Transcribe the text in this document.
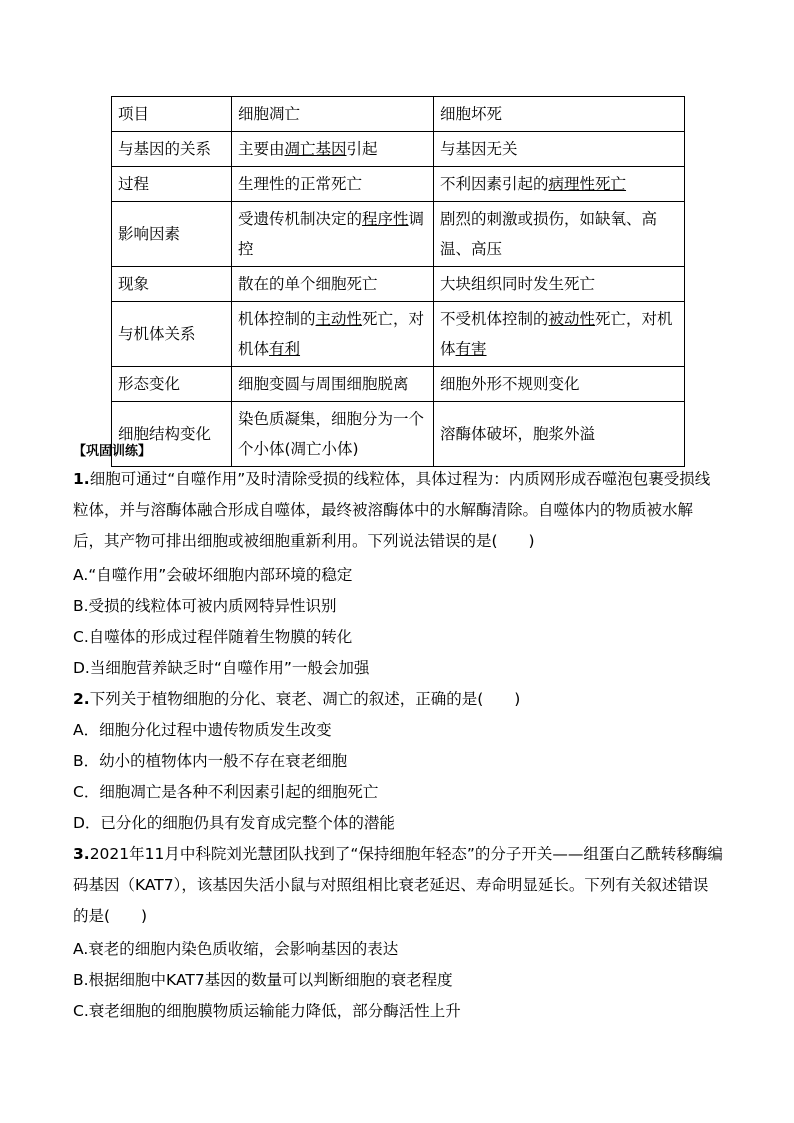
项目	细胞凋亡	细胞坏死
与基因的关系	主要由凋亡基因引起	与基因无关
过程	生理性的正常死亡	不利因素引起的病理性死亡
影响因素	受遗传机制决定的程序性调控	剧烈的刺激或损伤，如缺氧、高温、高压
现象	散在的单个细胞死亡	大块组织同时发生死亡
与机体关系	机体控制的主动性死亡，对机体有利	不受机体控制的被动性死亡，对机体有害
形态变化	细胞变圆与周围细胞脱离	细胞外形不规则变化
细胞结构变化	染色质凝集，细胞分为一个个小体(凋亡小体)	溶酶体破坏，胞浆外溢
【巩固训练】
1.细胞可通过“自噬作用”及时清除受损的线粒体，具体过程为：内质网形成吞噬泡包裹受损线粒体，并与溶酶体融合形成自噬体，最终被溶酶体中的水解酶清除。自噬体内的物质被水解后，其产物可排出细胞或被细胞重新利用。下列说法错误的是(　　)
A.“自噬作用”会破坏细胞内部环境的稳定
B.受损的线粒体可被内质网特异性识别
C.自噬体的形成过程伴随着生物膜的转化
D.当细胞营养缺乏时“自噬作用”一般会加强
2.下列关于植物细胞的分化、衰老、凋亡的叙述，正确的是(　　)
A．细胞分化过程中遗传物质发生改变
B．幼小的植物体内一般不存在衰老细胞
C．细胞凋亡是各种不利因素引起的细胞死亡
D．已分化的细胞仍具有发育成完整个体的潜能
3.2021年11月中科院刘光慧团队找到了“保持细胞年轻态”的分子开关——组蛋白乙酰转移酶编码基因（KAT7），该基因失活小鼠与对照组相比衰老延迟、寿命明显延长。下列有关叙述错误的是(　　)
A.衰老的细胞内染色质收缩，会影响基因的表达
B.根据细胞中KAT7基因的数量可以判断细胞的衰老程度
C.衰老细胞的细胞膜物质运输能力降低，部分酶活性上升
